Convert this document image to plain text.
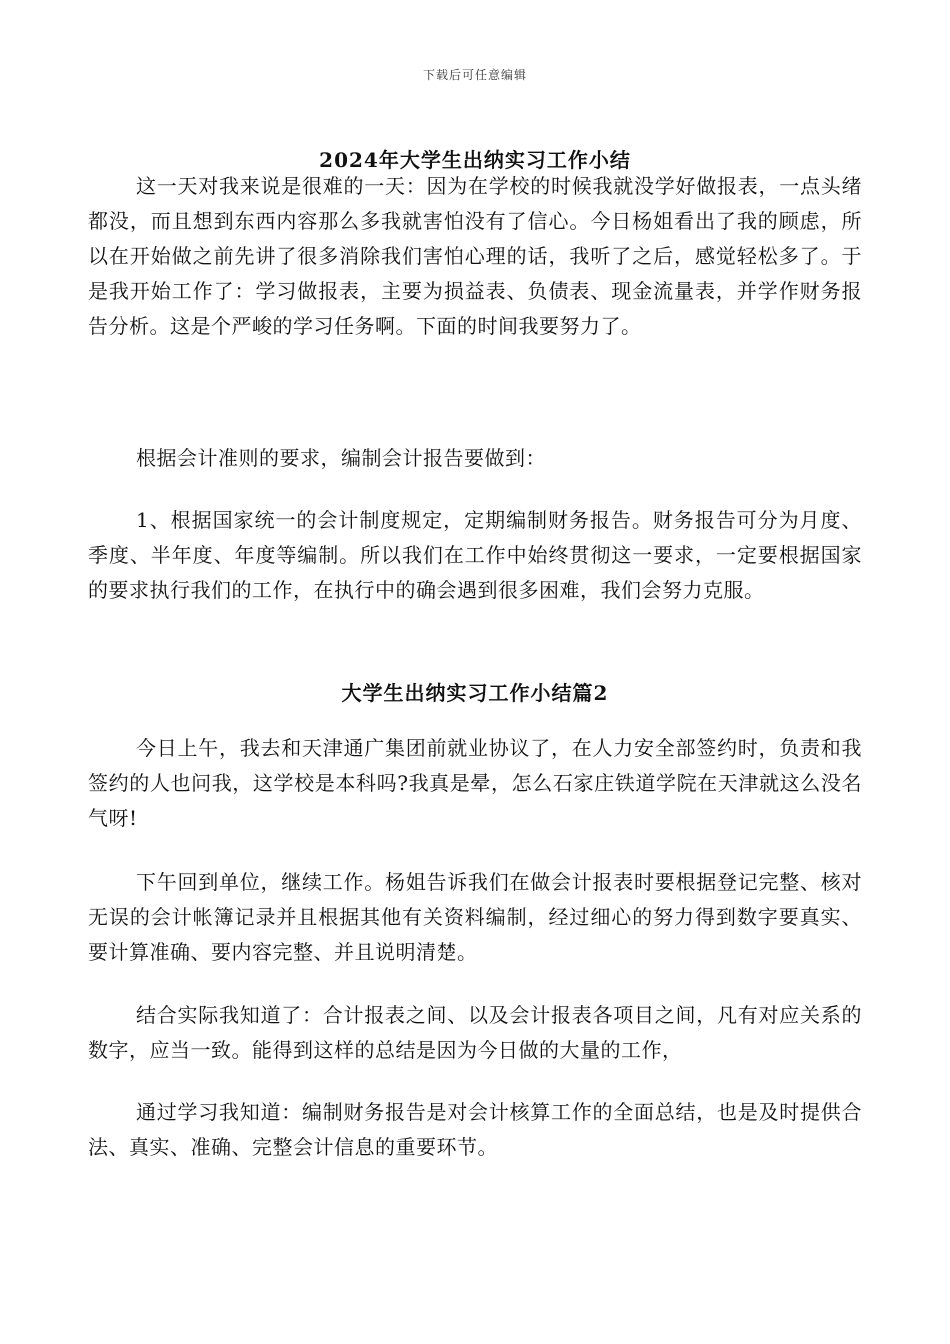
下载后可任意编辑
2024年大学生出纳实习工作小结

这一天对我来说是很难的一天：因为在学校的时候我就没学好做报表，一点头绪都没，而且想到东西内容那么多我就害怕没有了信心。今日杨姐看出了我的顾虑，所以在开始做之前先讲了很多消除我们害怕心理的话，我听了之后，感觉轻松多了。于是我开始工作了：学习做报表，主要为损益表、负债表、现金流量表，并学作财务报告分析。这是个严峻的学习任务啊。下面的时间我要努力了。

根据会计准则的要求，编制会计报告要做到：

1、根据国家统一的会计制度规定，定期编制财务报告。财务报告可分为月度、季度、半年度、年度等编制。所以我们在工作中始终贯彻这一要求，一定要根据国家的要求执行我们的工作，在执行中的确会遇到很多困难，我们会努力克服。

大学生出纳实习工作小结篇2

今日上午，我去和天津通广集团前就业协议了，在人力安全部签约时，负责和我签约的人也问我，这学校是本科吗?我真是晕，怎么石家庄铁道学院在天津就这么没名气呀!

下午回到单位，继续工作。杨姐告诉我们在做会计报表时要根据登记完整、核对无误的会计帐簿记录并且根据其他有关资料编制，经过细心的努力得到数字要真实、要计算准确、要内容完整、并且说明清楚。

结合实际我知道了：合计报表之间、以及会计报表各项目之间，凡有对应关系的数字，应当一致。能得到这样的总结是因为今日做的大量的工作，

通过学习我知道：编制财务报告是对会计核算工作的全面总结，也是及时提供合法、真实、准确、完整会计信息的重要环节。
